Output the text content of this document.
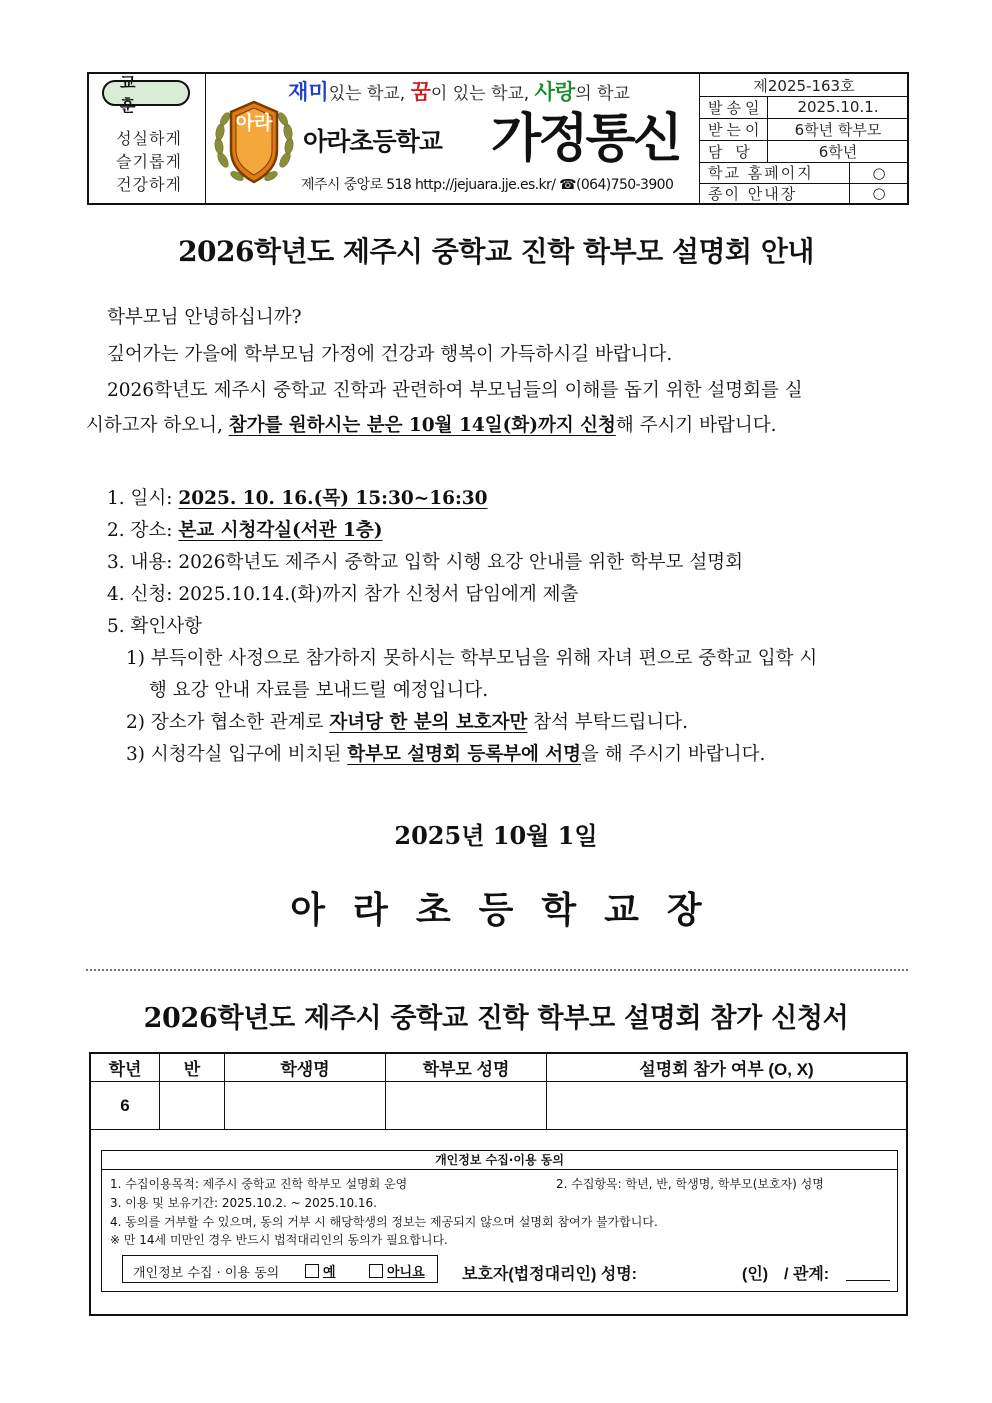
교 훈
성실하게
슬기롭게
건강하게
재미있는 학교, 꿈이 있는 학교, 사랑의 학교
아라
아라초등학교 가정통신
제주시 중앙로 518 http://jejuara.jje.es.kr/ ☎(064)750-3900
제2025-163호
발송일	2025.10.1.
받는이	6학년 학부모
담 당	6학년
학교 홈페이지	○
종이 안내장	○
2026학년도 제주시 중학교 진학 학부모 설명회 안내
학부모님 안녕하십니까?
깊어가는 가을에 학부모님 가정에 건강과 행복이 가득하시길 바랍니다.
2026학년도 제주시 중학교 진학과 관련하여 부모님들의 이해를 돕기 위한 설명회를 실
시하고자 하오니, 참가를 원하시는 분은 10월 14일(화)까지 신청해 주시기 바랍니다.
1. 일시: 2025. 10. 16.(목) 15:30~16:30
2. 장소: 본교 시청각실(서관 1층)
3. 내용: 2026학년도 제주시 중학교 입학 시행 요강 안내를 위한 학부모 설명회
4. 신청: 2025.10.14.(화)까지 참가 신청서 담임에게 제출
5. 확인사항
1) 부득이한 사정으로 참가하지 못하시는 학부모님을 위해 자녀 편으로 중학교 입학 시
행 요강 안내 자료를 보내드릴 예정입니다.
2) 장소가 협소한 관계로 자녀당 한 분의 보호자만 참석 부탁드립니다.
3) 시청각실 입구에 비치된 학부모 설명회 등록부에 서명을 해 주시기 바랍니다.
2025년 10월 1일
아라초등학교장
2026학년도 제주시 중학교 진학 학부모 설명회 참가 신청서
학년	반	학생명	학부모 성명	설명회 참가 여부 (O, X)
6				
개인정보 수집·이용 동의
1. 수집이용목적: 제주시 중학교 진학 학부모 설명회 운영	2. 수집항목: 학년, 반, 학생명, 학부모(보호자) 성명
3. 이용 및 보유기간: 2025.10.2. ~ 2025.10.16.
4. 동의를 거부할 수 있으며, 동의 거부 시 해당학생의 정보는 제공되지 않으며 설명회 참여가 불가합니다.
※ 만 14세 미만인 경우 반드시 법적대리인의 동의가 필요합니다.
개인정보 수집 · 이용 동의	예	아니요 보호자(법정대리인) 성명:	(인) / 관계:
